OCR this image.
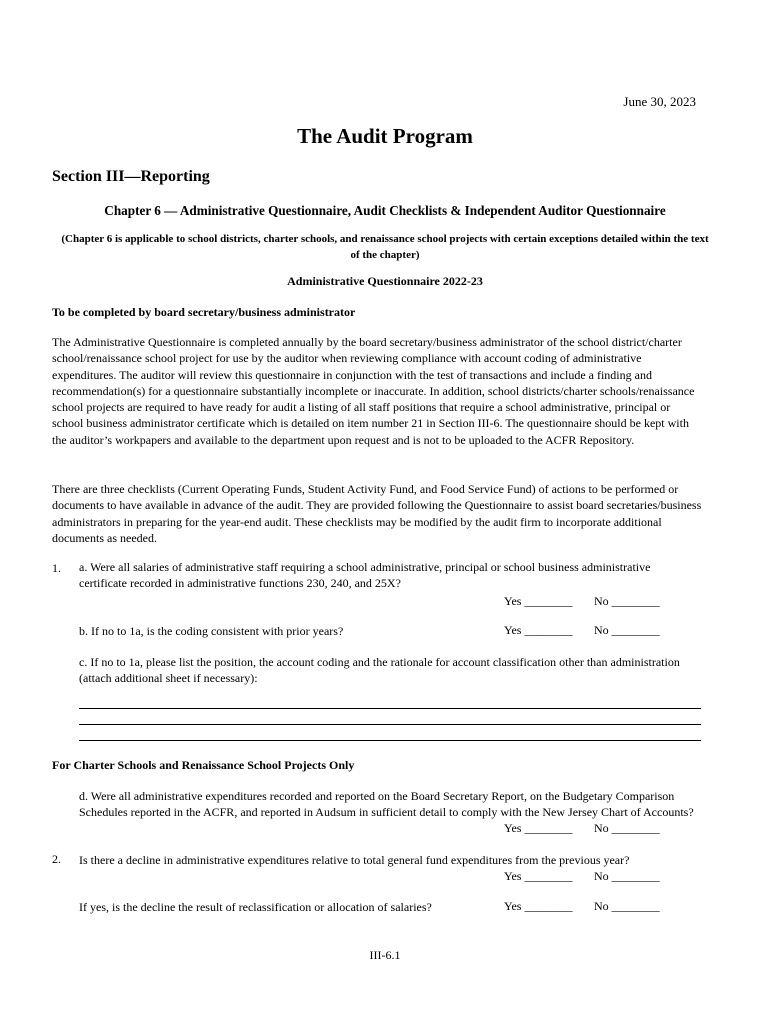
June 30, 2023
The Audit Program
Section III—Reporting
Chapter 6 — Administrative Questionnaire, Audit Checklists & Independent Auditor Questionnaire
(Chapter 6 is applicable to school districts, charter schools, and renaissance school projects with certain exceptions detailed within the text of the chapter)
Administrative Questionnaire 2022-23
To be completed by board secretary/business administrator
The Administrative Questionnaire is completed annually by the board secretary/business administrator of the school district/charter school/renaissance school project for use by the auditor when reviewing compliance with account coding of administrative expenditures. The auditor will review this questionnaire in conjunction with the test of transactions and include a finding and recommendation(s) for a questionnaire substantially incomplete or inaccurate. In addition, school districts/charter schools/renaissance school projects are required to have ready for audit a listing of all staff positions that require a school administrative, principal or school business administrator certificate which is detailed on item number 21 in Section III-6. The questionnaire should be kept with the auditor’s workpapers and available to the department upon request and is not to be uploaded to the ACFR Repository.
There are three checklists (Current Operating Funds, Student Activity Fund, and Food Service Fund) of actions to be performed or documents to have available in advance of the audit. They are provided following the Questionnaire to assist board secretaries/business administrators in preparing for the year-end audit. These checklists may be modified by the audit firm to incorporate additional documents as needed.
1. a. Were all salaries of administrative staff requiring a school administrative, principal or school business administrative certificate recorded in administrative functions 230, 240, and 25X?
Yes ________ No ________
b. If no to 1a, is the coding consistent with prior years?	Yes ________ No ________
c. If no to 1a, please list the position, the account coding and the rationale for account classification other than administration (attach additional sheet if necessary):
For Charter Schools and Renaissance School Projects Only
d. Were all administrative expenditures recorded and reported on the Board Secretary Report, on the Budgetary Comparison Schedules reported in the ACFR, and reported in Audsum in sufficient detail to comply with the New Jersey Chart of Accounts?
Yes ________ No ________
2. Is there a decline in administrative expenditures relative to total general fund expenditures from the previous year?
Yes ________ No ________
If yes, is the decline the result of reclassification or allocation of salaries?	Yes ________ No ________
III-6.1
